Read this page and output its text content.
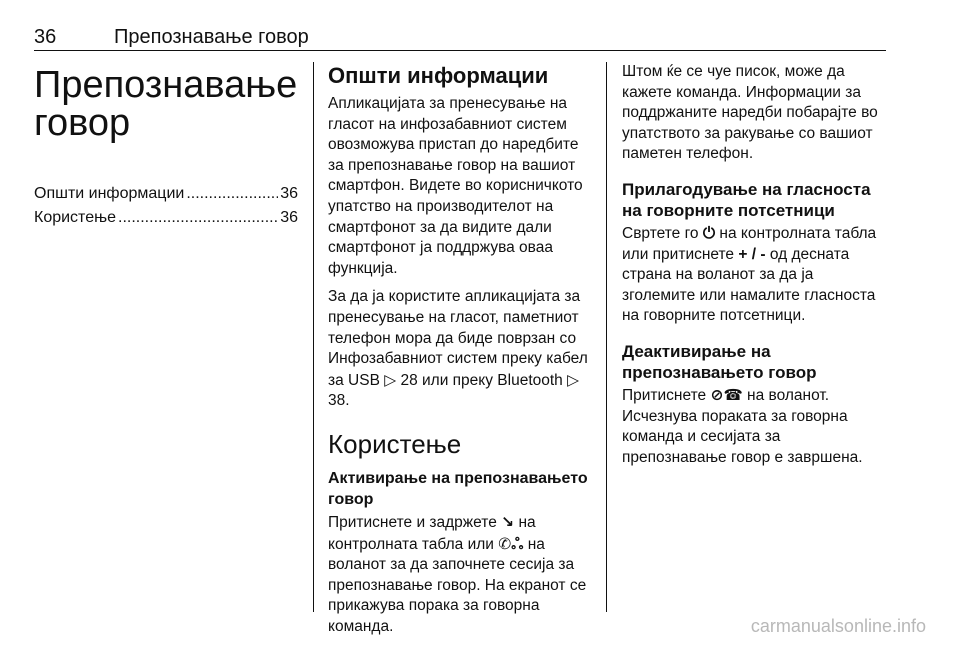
36	Препознавање говор
Препознавање говор
Општи информации .....	36
Користење .....	36
Општи информации

Апликацијата за пренесување на гласот на инфозабавниот систем овозможува пристап до наредбите за препознавање говор на вашиот смартфон. Видете во корисничкото упатство на производителот на смартфонот за да видите дали смартфонот ја поддржува оваа функција.

За да ја користите апликацијата за пренесување на гласот, паметниот телефон мора да биде поврзан со Инфозабавниот систем преку кабел за USB ▷ 28 или преку Bluetooth ▷ 38.

Користење
Активирање на препознавањето говор

Притиснете и задржете ↘ на контролната табла или ✆ஃ на воланот за да започнете сесија за препознавање говор. На екранот се прикажува порака за говорна команда.

Штом ќе се чуе писок, може да кажете команда. Информации за поддржаните наредби побарајте во упатството за ракување со вашиот паметен телефон.

Прилагодување на гласноста на говорните потсетници

Свртете го ⏻ на контролната табла или притиснете + / - од десната страна на воланот за да ја зголемите или намалите гласноста на говорните потсетници.

Деактивирање на препознавањето говор

Притиснете ⊘☎ на воланот. Исчезнува поракатa за говорна команда и сесијата за препознавање говор е завршена.

carmanualsonline.info
